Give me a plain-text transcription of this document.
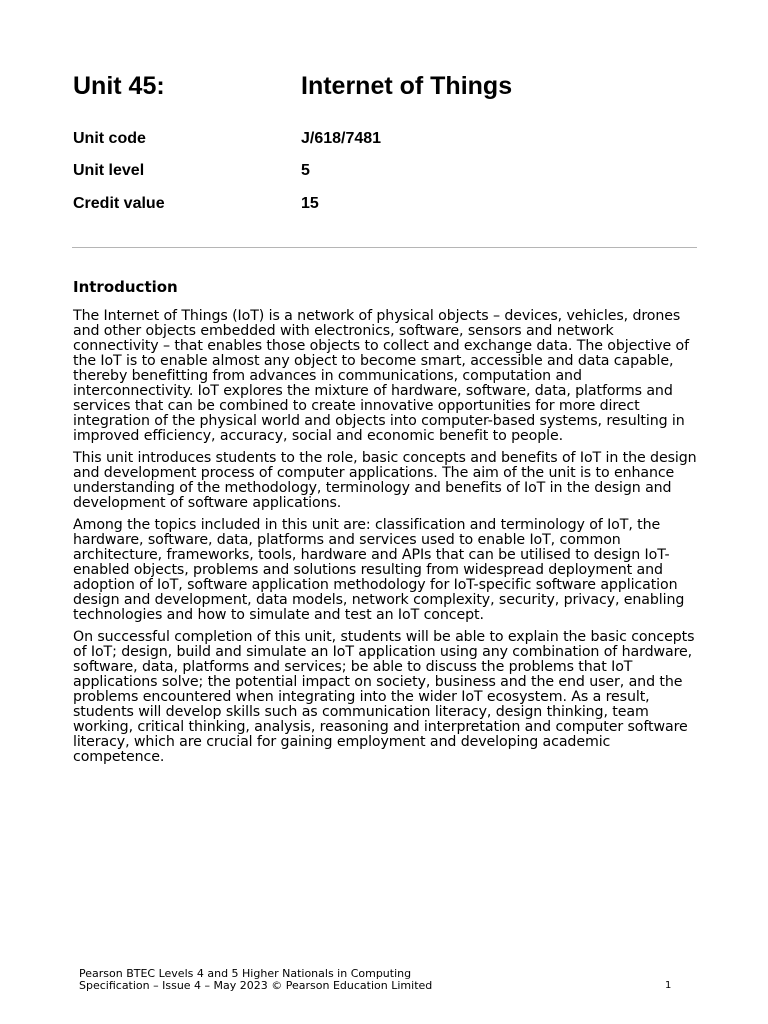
Unit 45:	Internet of Things
Unit code	J/618/7481
Unit level	5
Credit value	15
Introduction

The Internet of Things (IoT) is a network of physical objects – devices, vehicles, drones and other objects embedded with electronics, software, sensors and network connectivity – that enables those objects to collect and exchange data. The objective of the IoT is to enable almost any object to become smart, accessible and data capable, thereby benefitting from advances in communications, computation and interconnectivity. IoT explores the mixture of hardware, software, data, platforms and services that can be combined to create innovative opportunities for more direct integration of the physical world and objects into computer-based systems, resulting in improved efficiency, accuracy, social and economic benefit to people.

This unit introduces students to the role, basic concepts and benefits of IoT in the design and development process of computer applications. The aim of the unit is to enhance understanding of the methodology, terminology and benefits of IoT in the design and development of software applications.

Among the topics included in this unit are: classification and terminology of IoT, the hardware, software, data, platforms and services used to enable IoT, common architecture, frameworks, tools, hardware and APIs that can be utilised to design IoT- enabled objects, problems and solutions resulting from widespread deployment and adoption of IoT, software application methodology for IoT-specific software application design and development, data models, network complexity, security, privacy, enabling technologies and how to simulate and test an IoT concept.

On successful completion of this unit, students will be able to explain the basic concepts of IoT; design, build and simulate an IoT application using any combination of hardware, software, data, platforms and services; be able to discuss the problems that IoT applications solve; the potential impact on society, business and the end user, and the problems encountered when integrating into the wider IoT ecosystem. As a result, students will develop skills such as communication literacy, design thinking, team working, critical thinking, analysis, reasoning and interpretation and computer software literacy, which are crucial for gaining employment and developing academic competence.

Pearson BTEC Levels 4 and 5 Higher Nationals in Computing
Specification – Issue 4 – May 2023 © Pearson Education Limited	1
